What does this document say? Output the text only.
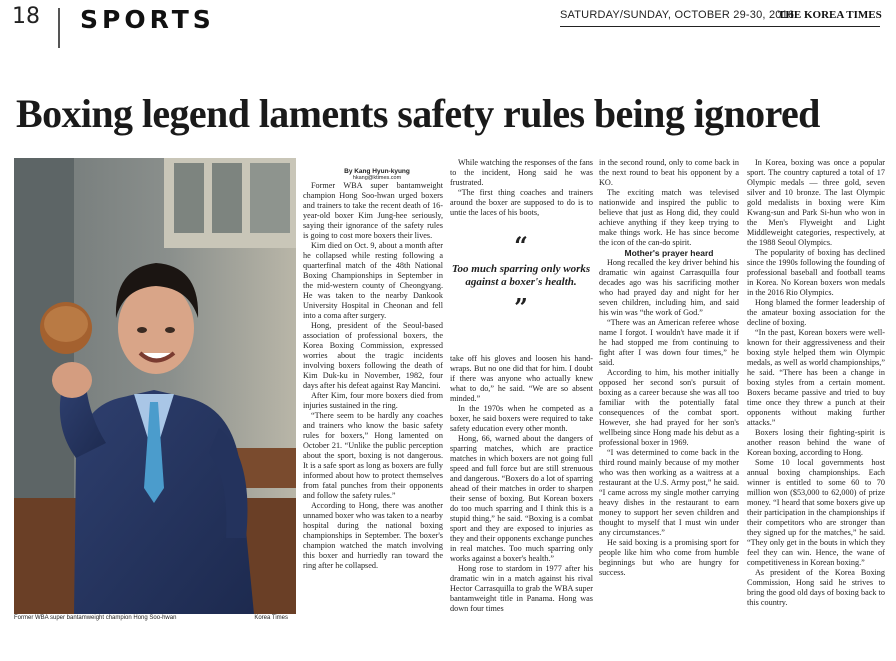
18 SPORTS	SATURDAY/SUNDAY, OCTOBER 29-30, 2016
THE KOREA TIMES
Boxing legend laments safety rules being ignored
Former WBA super bantamweight champion Hong Soo-hwan	Korea Times

By Kang Hyun-kyung

hkang@ktimes.com

Former WBA super bantamweight champion Hong Soo-hwan urged boxers and trainers to take the recent death of 16-year-old boxer Kim Jung-hee seriously, saying their ignorance of the safety rules is going to cost more boxers their lives.

Kim died on Oct. 9, about a month after he collapsed while resting following a quarterfinal match of the 48th National Boxing Championships in September in the mid-western county of Cheongyang. He was taken to the nearby Dankook University Hospital in Cheonan and fell into a coma after surgery.

Hong, president of the Seoul-based association of professional boxers, the Korea Boxing Commission, expressed worries about the tragic incidents involving boxers following the death of Kim Duk-ku in November, 1982, four days after his defeat against Ray Mancini.

After Kim, four more boxers died from injuries sustained in the ring.

“There seem to be hardly any coaches and trainers who know the basic safety rules for boxers,” Hong lamented on October 21. “Unlike the public perception about the sport, boxing is not dangerous. It is a safe sport as long as boxers are fully informed about how to protect themselves from fatal punches from their opponents and follow the safety rules.”

According to Hong, there was another unnamed boxer who was taken to a nearby hospital during the national boxing championships in September. The boxer's champion watched the match involving this boxer and hurriedly ran toward the ring after he collapsed.

While watching the responses of the fans to the incident, Hong said he was frustrated.

“The first thing coaches and trainers around the boxer are supposed to do is to untie the laces of his boots,

“
Too much sparring only works against a boxer's health.
”

take off his gloves and loosen his hand-wraps. But no one did that for him. I doubt if there was anyone who actually knew what to do,” he said. “We are so absent minded.”

In the 1970s when he competed as a boxer, he said boxers were required to take safety education every other month.

Hong, 66, warned about the dangers of sparring matches, which are practice matches in which boxers are not going full speed and full force but are still strenuous and dangerous. “Boxers do a lot of sparring ahead of their matches in order to sharpen their sense of boxing. But Korean boxers do too much sparring and I think this is a stupid thing,” he said. “Boxing is a combat sport and they are exposed to injuries as they and their opponents exchange punches in real matches. Too much sparring only works against a boxer's health.”

Hong rose to stardom in 1977 after his dramatic win in a match against his rival Hector Carrasquilla to grab the WBA super bantamweight title in Panama. Hong was down four times

in the second round, only to come back in the next round to beat his opponent by a KO.

The exciting match was televised nationwide and inspired the public to believe that just as Hong did, they could achieve anything if they keep trying to make things work. He has since become the icon of the can-do spirit.

Mother's prayer heard

Hong recalled the key driver behind his dramatic win against Carrasquilla four decades ago was his sacrificing mother who had prayed day and night for her seven children, including him, and said his win was “the work of God.”

“There was an American referee whose name I forgot. I wouldn't have made it if he had stopped me from continuing to fight after I was down four times,” he said.

According to him, his mother initially opposed her second son's pursuit of boxing as a career because she was all too familiar with the potentially fatal consequences of the combat sport. However, she had prayed for her son's wellbeing since Hong made his debut as a professional boxer in 1969.

“I was determined to come back in the third round mainly because of my mother who was then working as a waitress at a restaurant at the U.S. Army post,” he said. “I came across my single mother carrying heavy dishes in the restaurant to earn money to support her seven children and thought to myself that I must win under any circumstances.”

He said boxing is a promising sport for people like him who come from humble beginnings but who are hungry for success.

In Korea, boxing was once a popular sport. The country captured a total of 17 Olympic medals — three gold, seven silver and 10 bronze. The last Olympic gold medalists in boxing were Kim Kwang-sun and Park Si-hun who won in the Men's Flyweight and Light Middleweight categories, respectively, at the 1988 Seoul Olympics.

The popularity of boxing has declined since the 1990s following the founding of professional baseball and football teams in Korea. No Korean boxers won medals in the 2016 Rio Olympics.

Hong blamed the former leadership of the amateur boxing association for the decline of boxing.

“In the past, Korean boxers were well-known for their aggressiveness and their boxing style helped them win Olympic medals, as well as world championships,” he said. “There has been a change in boxing styles from a certain moment. Boxers became passive and tried to buy time once they threw a punch at their opponents without making further attacks.”

Boxers losing their fighting-spirit is another reason behind the wane of Korean boxing, according to Hong.

Some 10 local governments host annual boxing championships. Each winner is entitled to some 60 to 70 million won ($53,000 to 62,000) of prize money. “I heard that some boxers give up their participation in the championships if their competitors who are stronger than they signed up for the matches,” he said. “They only get in the bouts in which they feel they can win. Hence, the wane of competitiveness in Korean boxing.”

As president of the Korea Boxing Commission, Hong said he strives to bring the good old days of boxing back to this country.
